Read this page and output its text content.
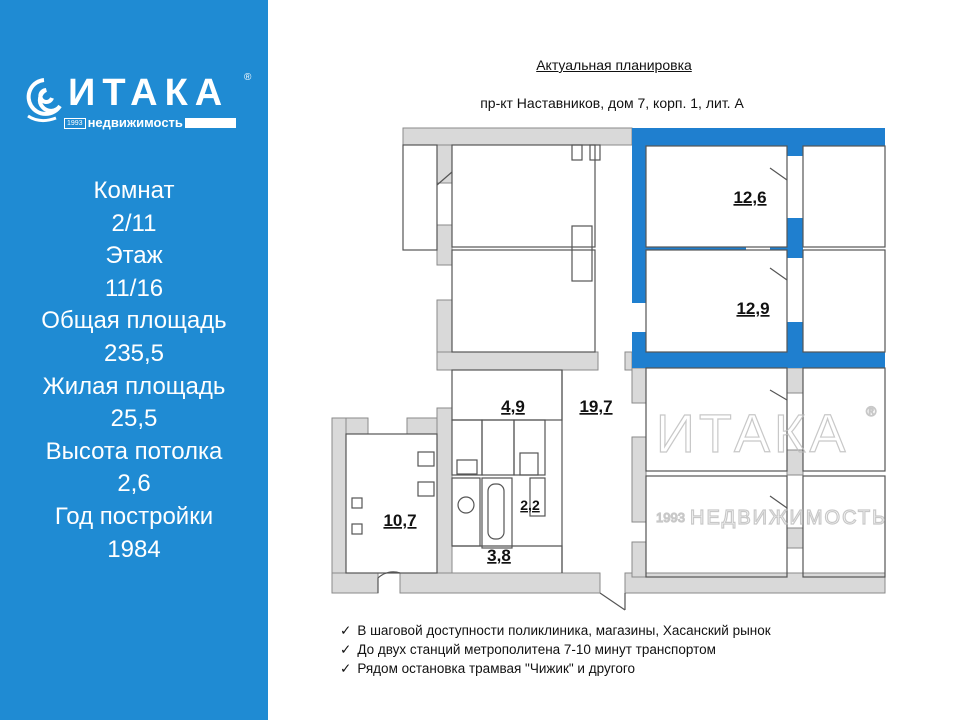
ИТАКА ®
1993 недвижимость
Комнат
2/11
Этаж
11/16
Общая площадь
235,5
Жилая площадь
25,5
Высота потолка
2,6
Год постройки
1984
Актуальная планировка
пр-кт Наставников, дом 7, корп. 1, лит. А
ИТАКА ®
1993 НЕДВИЖИМОСТЬ
12,6
12,9
4,9	19,7
2,2
10,7
3,8
✓ В шаговой доступности поликлиника, магазины, Хасанский рынок
✓ До двух станций метрополитена 7-10 минут транспортом
✓ Рядом остановка трамвая "Чижик" и другого
